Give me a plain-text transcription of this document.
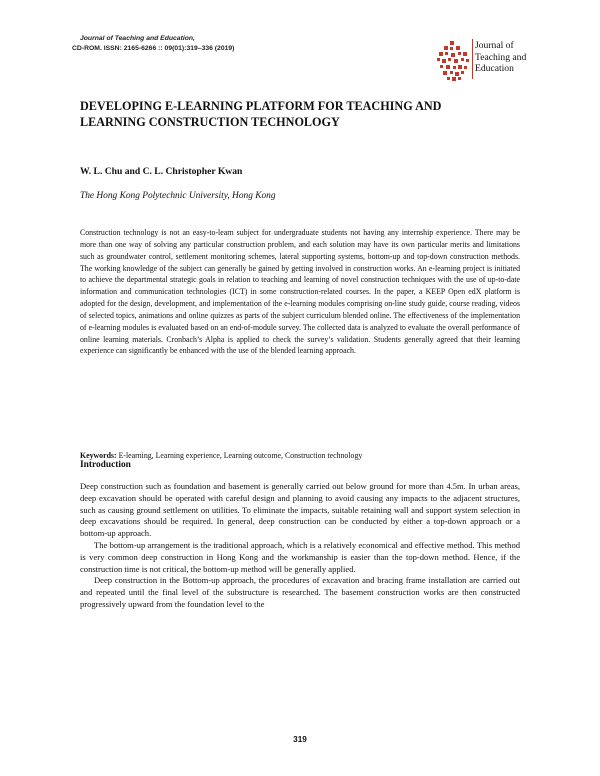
Journal of Teaching and Education,
CD-ROM. ISSN: 2165-6266 :: 09(01):319–336 (2019)	Journal of
Teaching and
Education
DEVELOPING E-LEARNING PLATFORM FOR TEACHING AND
LEARNING CONSTRUCTION TECHNOLOGY
W. L. Chu and C. L. Christopher Kwan
The Hong Kong Polytechnic University, Hong Kong

Construction technology is not an easy-to-learn subject for undergraduate students not having any internship experience. There may be more than one way of solving any particular construction problem, and each solution may have its own particular merits and limitations such as groundwater control, settlement monitoring schemes, lateral supporting systems, bottom-up and top-down construction methods. The working knowledge of the subject can generally be gained by getting involved in construction works. An e-learning project is initiated to achieve the departmental strategic goals in relation to teaching and learning of novel construction techniques with the use of up-to-date information and communication technologies (ICT) in some construction-related courses. In the paper, a KEEP Open edX platform is adopted for the design, development, and implementation of the e-learning modules comprising on-line study guide, course reading, videos of selected topics, animations and online quizzes as parts of the subject curriculum blended online. The effectiveness of the implementation of e-learning modules is evaluated based on an end-of-module survey. The collected data is analyzed to evaluate the overall performance of online learning materials. Cronbach’s Alpha is applied to check the survey’s validation. Students generally agreed that their learning experience can significantly be enhanced with the use of the blended learning approach.

Keywords: E-learning, Learning experience, Learning outcome, Construction technology
Introduction

Deep construction such as foundation and basement is generally carried out below ground for more than 4.5m. In urban areas, deep excavation should be operated with careful design and planning to avoid causing any impacts to the adjacent structures, such as causing ground settlement on utilities. To eliminate the impacts, suitable retaining wall and support system selection in deep excavations should be required. In general, deep construction can be conducted by either a top-down approach or a bottom-up approach.

The bottom-up arrangement is the traditional approach, which is a relatively economical and effective method. This method is very common deep construction in Hong Kong and the workmanship is easier than the top-down method. Hence, if the construction time is not critical, the bottom-up method will be generally applied.

Deep construction in the Bottom-up approach, the procedures of excavation and bracing frame installation are carried out and repeated until the final level of the substructure is researched. The basement construction works are then constructed progressively upward from the foundation level to the

319
